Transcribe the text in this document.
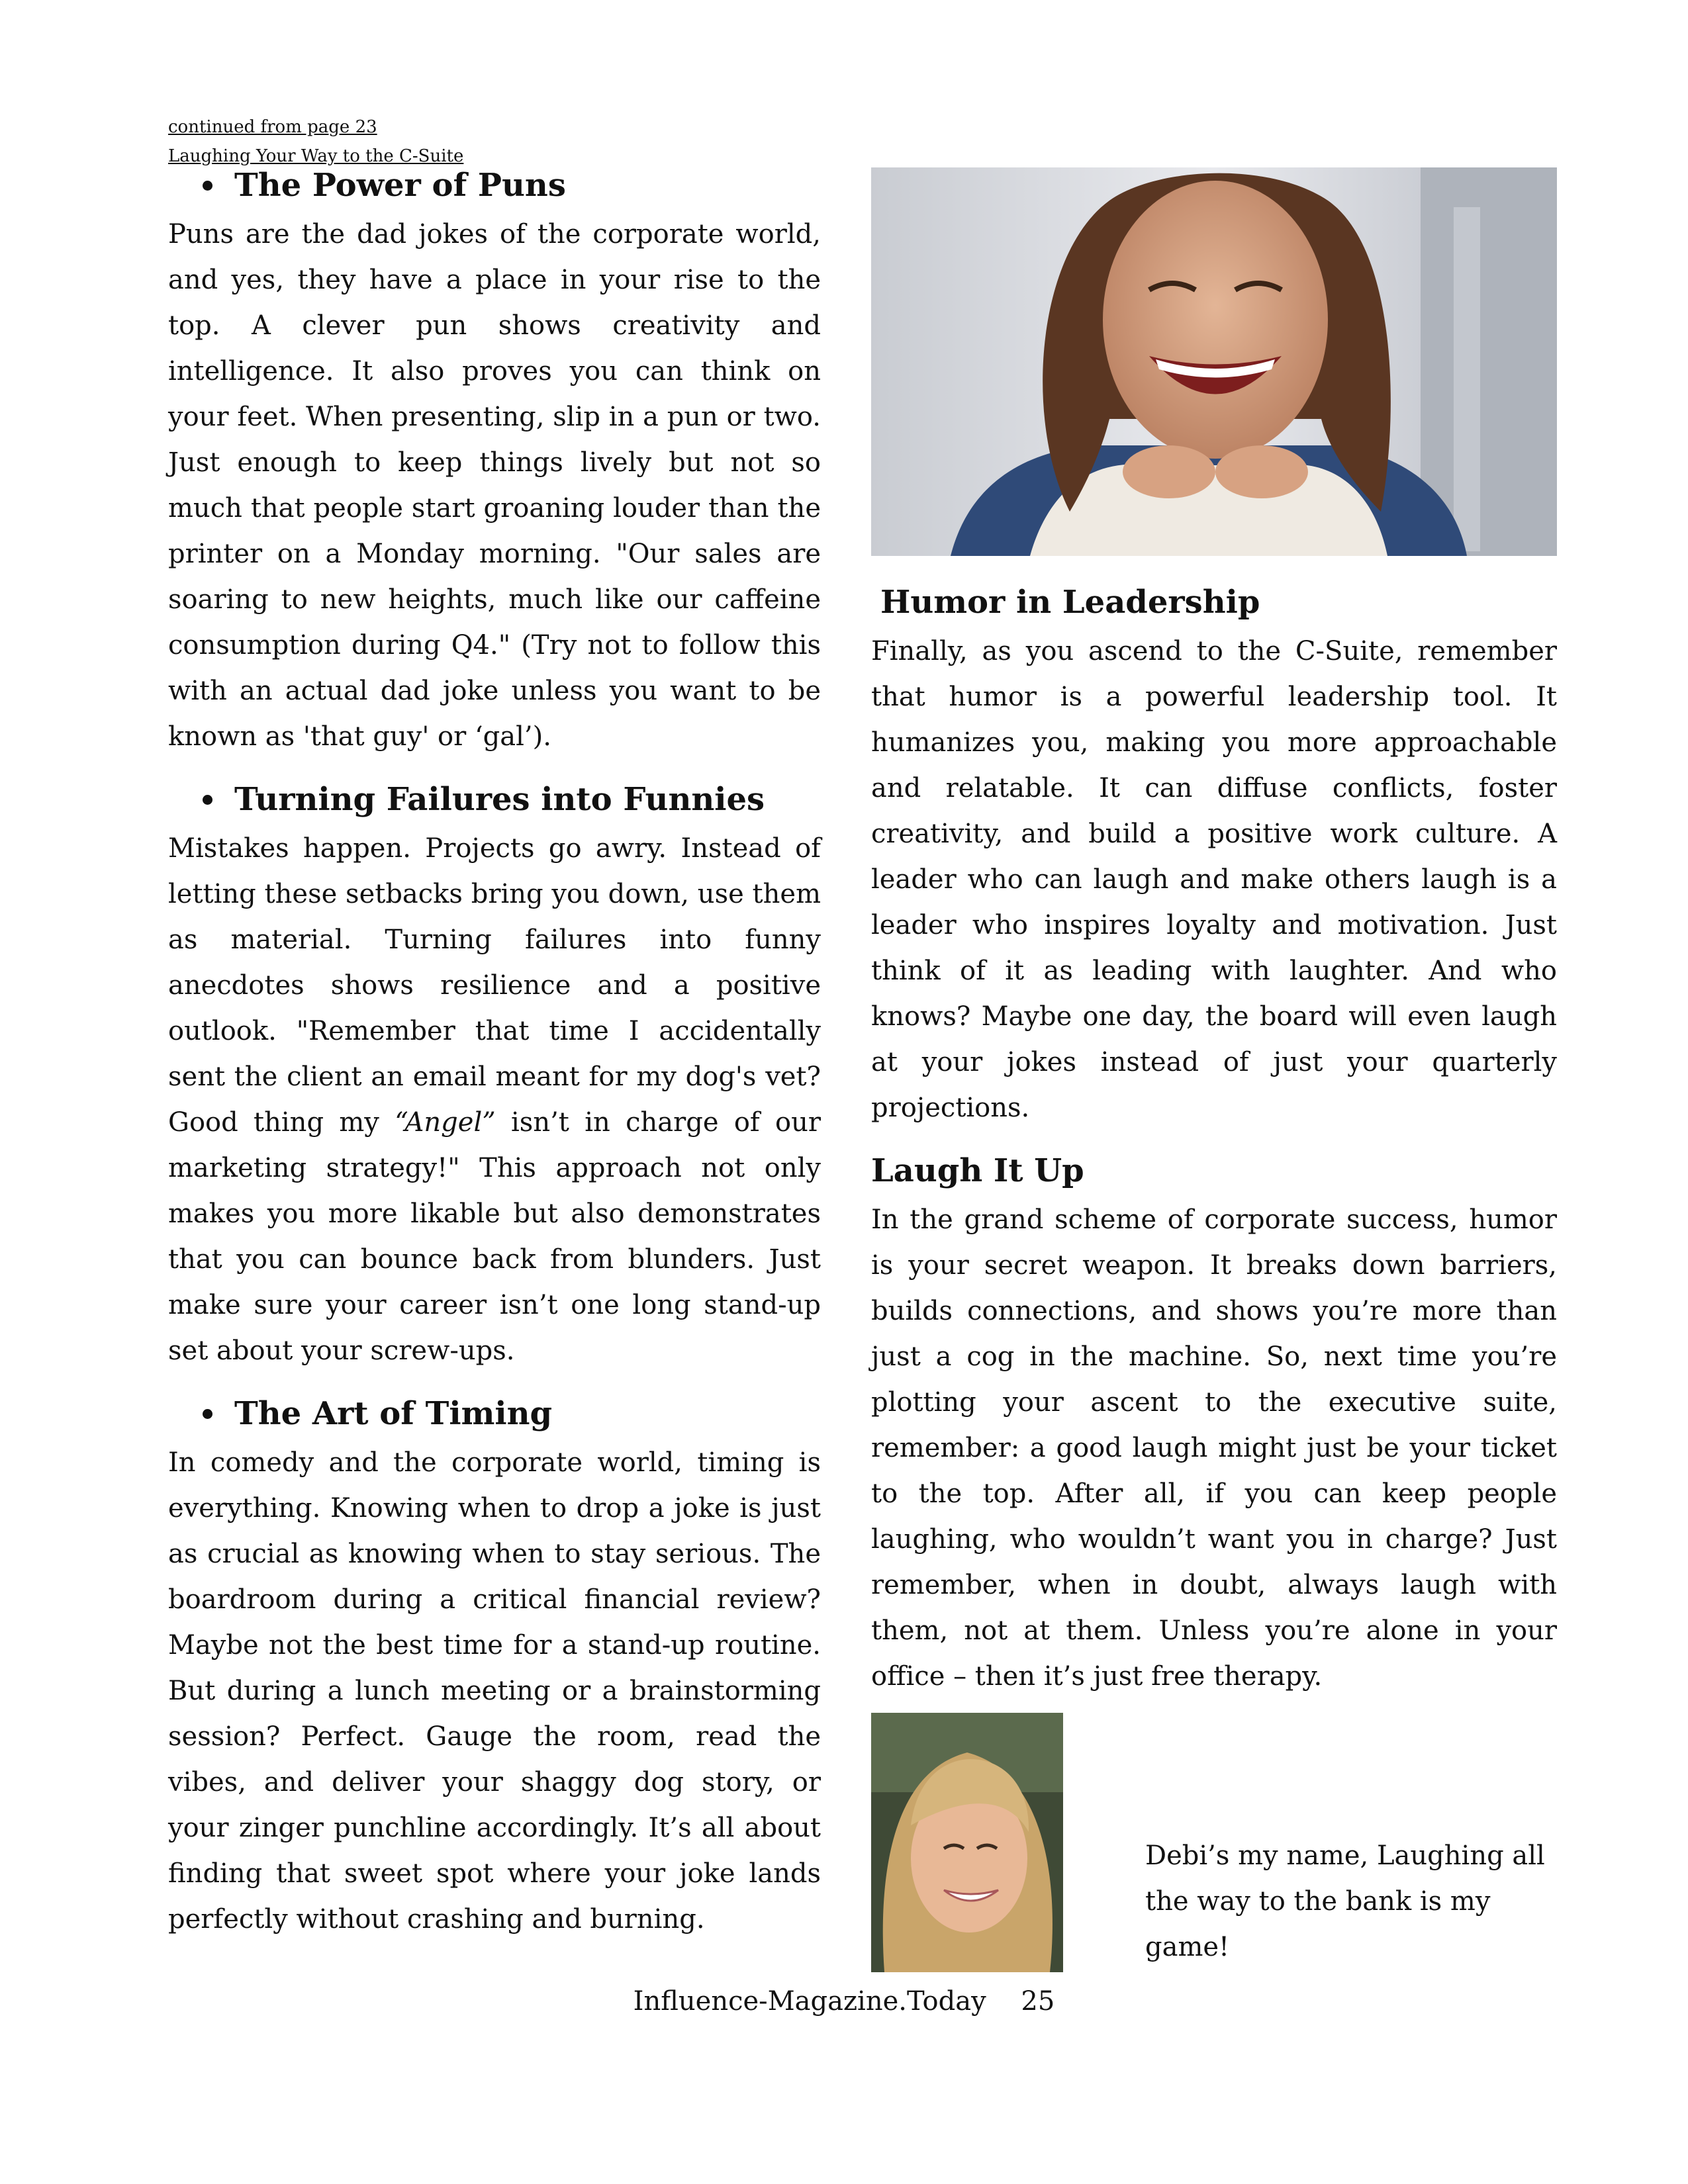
continued from page 23
Laughing Your Way to the C-Suite
The Power of Puns

Puns are the dad jokes of the corporate world, and yes, they have a place in your rise to the top. A clever pun shows creativity and intelligence. It also proves you can think on your feet. When presenting, slip in a pun or two. Just enough to keep things lively but not so much that people start groaning louder than the printer on a Monday morning. "Our sales are soaring to new heights, much like our caffeine consumption during Q4." (Try not to follow this with an actual dad joke unless you want to be known as 'that guy' or ‘gal’).

Turning Failures into Funnies

Mistakes happen. Projects go awry. Instead of letting these setbacks bring you down, use them as material. Turning failures into funny anecdotes shows resilience and a positive outlook. "Remember that time I accidentally sent the client an email meant for my dog's vet? Good thing my “Angel” isn’t in charge of our marketing strategy!" This approach not only makes you more likable but also demonstrates that you can bounce back from blunders. Just make sure your career isn’t one long stand-up set about your screw-ups.

The Art of Timing

In comedy and the corporate world, timing is everything. Knowing when to drop a joke is just as crucial as knowing when to stay serious. The boardroom during a critical financial review? Maybe not the best time for a stand-up routine. But during a lunch meeting or a brainstorming session? Perfect. Gauge the room, read the vibes, and deliver your shaggy dog story, or your zinger punchline accordingly. It’s all about finding that sweet spot where your joke lands perfectly without crashing and burning.

Humor in Leadership

Finally, as you ascend to the C-Suite, remember that humor is a powerful leadership tool. It humanizes you, making you more approachable and relatable. It can diffuse conflicts, foster creativity, and build a positive work culture. A leader who can laugh and make others laugh is a leader who inspires loyalty and motivation. Just think of it as leading with laughter. And who knows? Maybe one day, the board will even laugh at your jokes instead of just your quarterly projections.

Laugh It Up

In the grand scheme of corporate success, humor is your secret weapon. It breaks down barriers, builds connections, and shows you’re more than just a cog in the machine. So, next time you’re plotting your ascent to the executive suite, remember: a good laugh might just be your ticket to the top. After all, if you can keep people laughing, who wouldn’t want you in charge? Just remember, when in doubt, always laugh with them, not at them. Unless you’re alone in your office – then it’s just free therapy.

Debi’s my name, Laughing all the way to the bank is my game!
Influence-Magazine.Today 25
